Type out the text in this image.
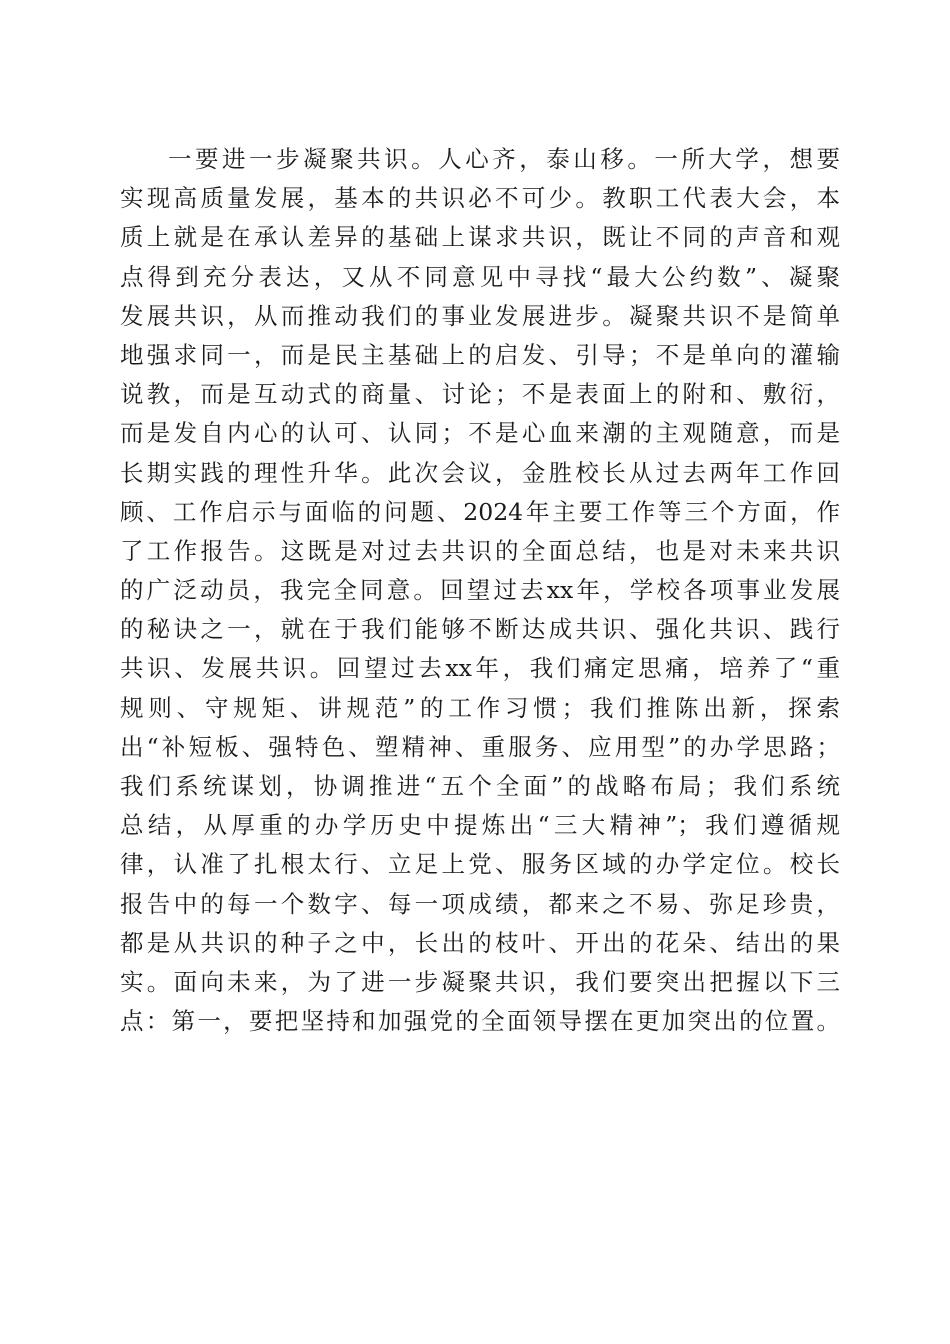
一要进一步凝聚共识。人心齐，泰山移。一所大学，想要
实现高质量发展，基本的共识必不可少。教职工代表大会，本
质上就是在承认差异的基础上谋求共识，既让不同的声音和观
点得到充分表达，又从不同意见中寻找“最大公约数”、凝聚
发展共识，从而推动我们的事业发展进步。凝聚共识不是简单
地强求同一，而是民主基础上的启发、引导；不是单向的灌输
说教，而是互动式的商量、讨论；不是表面上的附和、敷衍，
而是发自内心的认可、认同；不是心血来潮的主观随意，而是
长期实践的理性升华。此次会议，金胜校长从过去两年工作回
顾、工作启示与面临的问题、2024年主要工作等三个方面，作
了工作报告。这既是对过去共识的全面总结，也是对未来共识
的广泛动员，我完全同意。回望过去xx年，学校各项事业发展
的秘诀之一，就在于我们能够不断达成共识、强化共识、践行
共识、发展共识。回望过去xx年，我们痛定思痛，培养了“重
规则、守规矩、讲规范”的工作习惯；我们推陈出新，探索
出“补短板、强特色、塑精神、重服务、应用型”的办学思路；
我们系统谋划，协调推进“五个全面”的战略布局；我们系统
总结，从厚重的办学历史中提炼出“三大精神”；我们遵循规
律，认准了扎根太行、立足上党、服务区域的办学定位。校长
报告中的每一个数字、每一项成绩，都来之不易、弥足珍贵，
都是从共识的种子之中，长出的枝叶、开出的花朵、结出的果
实。面向未来，为了进一步凝聚共识，我们要突出把握以下三
点：第一，要把坚持和加强党的全面领导摆在更加突出的位置。
